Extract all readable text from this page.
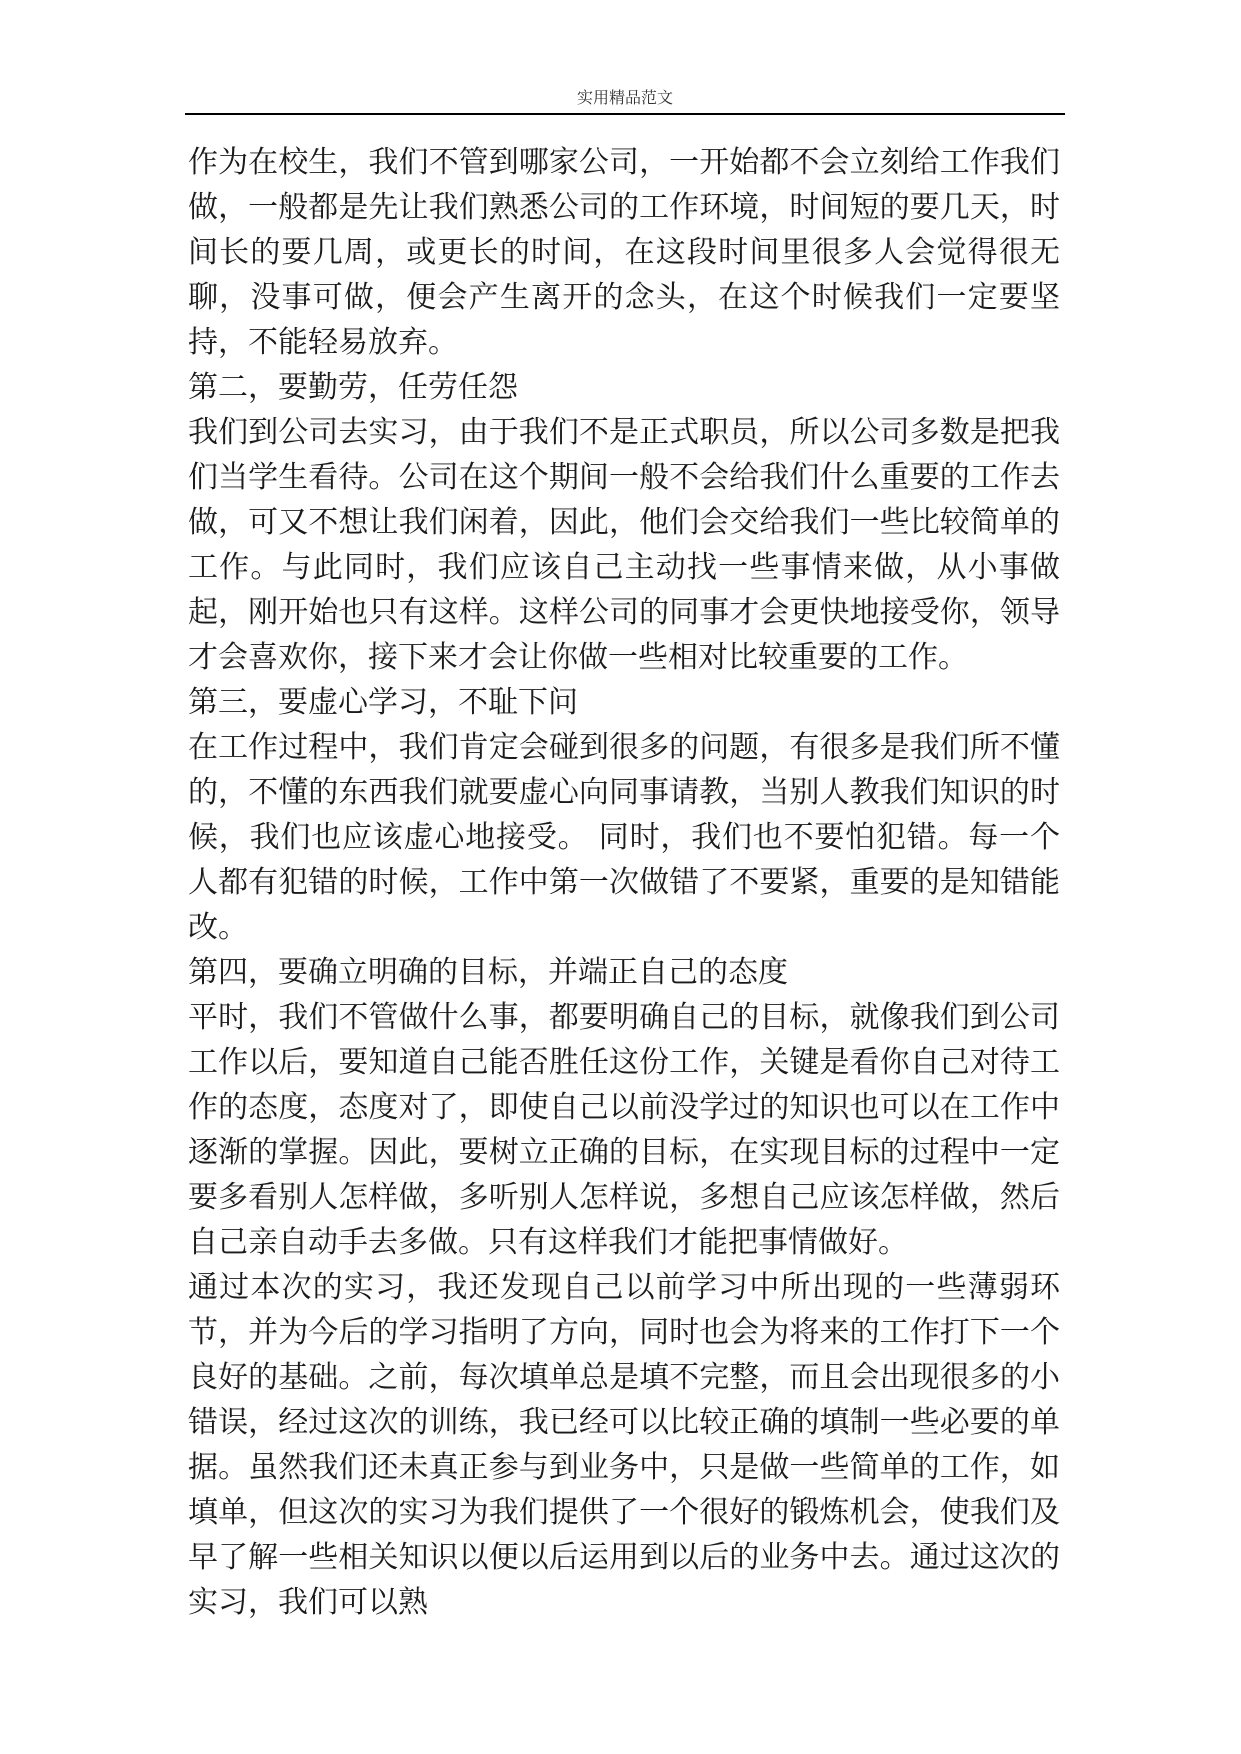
实用精品范文

作为在校生，我们不管到哪家公司，一开始都不会立刻给工作我们做，一般都是先让我们熟悉公司的工作环境，时间短的要几天，时间长的要几周，或更长的时间，在这段时间里很多人会觉得很无聊，没事可做，便会产生离开的念头，在这个时候我们一定要坚持，不能轻易放弃。

第二，要勤劳，任劳任怨

我们到公司去实习，由于我们不是正式职员，所以公司多数是把我们当学生看待。公司在这个期间一般不会给我们什么重要的工作去做，可又不想让我们闲着，因此，他们会交给我们一些比较简单的工作。与此同时，我们应该自己主动找一些事情来做，从小事做起，刚开始也只有这样。这样公司的同事才会更快地接受你，领导才会喜欢你，接下来才会让你做一些相对比较重要的工作。

第三，要虚心学习，不耻下问

在工作过程中，我们肯定会碰到很多的问题，有很多是我们所不懂的，不懂的东西我们就要虚心向同事请教，当别人教我们知识的时候，我们也应该虚心地接受。 同时，我们也不要怕犯错。每一个人都有犯错的时候，工作中第一次做错了不要紧，重要的是知错能改。

第四，要确立明确的目标，并端正自己的态度

平时，我们不管做什么事，都要明确自己的目标，就像我们到公司工作以后，要知道自己能否胜任这份工作，关键是看你自己对待工作的态度，态度对了，即使自己以前没学过的知识也可以在工作中逐渐的掌握。因此，要树立正确的目标，在实现目标的过程中一定要多看别人怎样做，多听别人怎样说，多想自己应该怎样做，然后自己亲自动手去多做。只有这样我们才能把事情做好。

通过本次的实习，我还发现自己以前学习中所出现的一些薄弱环节，并为今后的学习指明了方向，同时也会为将来的工作打下一个良好的基础。之前，每次填单总是填不完整，而且会出现很多的小错误，经过这次的训练，我已经可以比较正确的填制一些必要的单据。虽然我们还未真正参与到业务中，只是做一些简单的工作，如填单，但这次的实习为我们提供了一个很好的锻炼机会，使我们及早了解一些相关知识以便以后运用到以后的业务中去。通过这次的实习，我们可以熟
